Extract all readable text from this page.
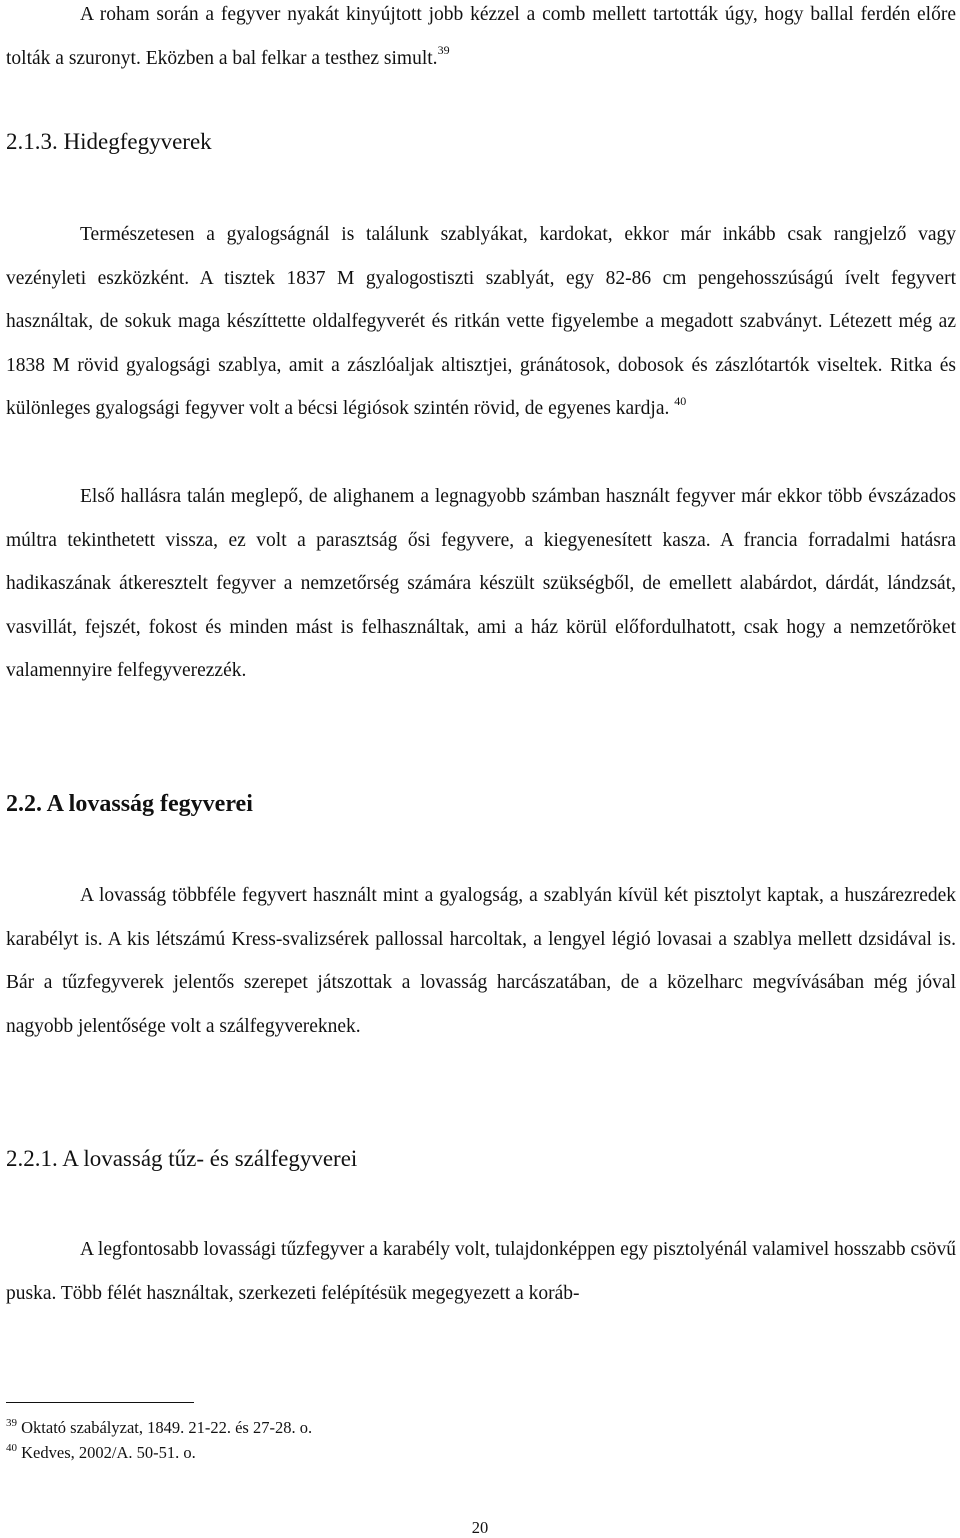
A roham során a fegyver nyakát kinyújtott jobb kézzel a comb mellett tartották úgy, hogy ballal ferdén előre tolták a szuronyt. Eközben a bal felkar a testhez simult.$^{39}$

2.1.3. Hidegfegyverek

Természetesen a gyalogságnál is találunk szablyákat, kardokat, ekkor már inkább csak rangjelző vagy vezényleti eszközként. A tisztek 1837 M gyalogostiszti szablyát, egy 82-86 cm pengehosszúságú ívelt fegyvert használtak, de sokuk maga készíttette oldalfegyverét és ritkán vette figyelembe a megadott szabványt. Létezett még az 1838 M rövid gyalogsági szablya, amit a zászlóaljak altisztjei, gránátosok, dobosok és zászlótartók viseltek. Ritka és különleges gyalogsági fegyver volt a bécsi légiósok szintén rövid, de egyenes kardja. $^{40}$

Első hallásra talán meglepő, de alighanem a legnagyobb számban használt fegyver már ekkor több évszázados múltra tekinthetett vissza, ez volt a parasztság ősi fegyvere, a kiegyenesített kasza. A francia forradalmi hatásra hadikaszának átkeresztelt fegyver a nemzetőrség számára készült szükségből, de emellett alabárdot, dárdát, lándzsát, vasvillát, fejszét, fokost és minden mást is felhasználtak, ami a ház körül előfordulhatott, csak hogy a nemzetőröket valamennyire felfegyverezzék.

2.2. A lovasság fegyverei

A lovasság többféle fegyvert használt mint a gyalogság, a szablyán kívül két pisztolyt kaptak, a huszárezredek karabélyt is. A kis létszámú Kress-svalizsérek pallossal harcoltak, a lengyel légió lovasai a szablya mellett dzsidával is. Bár a tűzfegyverek jelentős szerepet játszottak a lovasság harcászatában, de a közelharc megvívásában még jóval nagyobb jelentősége volt a szálfegyvereknek.

2.2.1. A lovasság tűz- és szálfegyverei

A legfontosabb lovassági tűzfegyver a karabély volt, tulajdonképpen egy pisztolyénál valamivel hosszabb csövű puska. Több félét használtak, szerkezeti felépítésük megegyezett a koráb-

$^{39}$ Oktató szabályzat, 1849. 21-22. és 27-28. o.

$^{40}$ Kedves, 2002/A. 50-51. o.

20
